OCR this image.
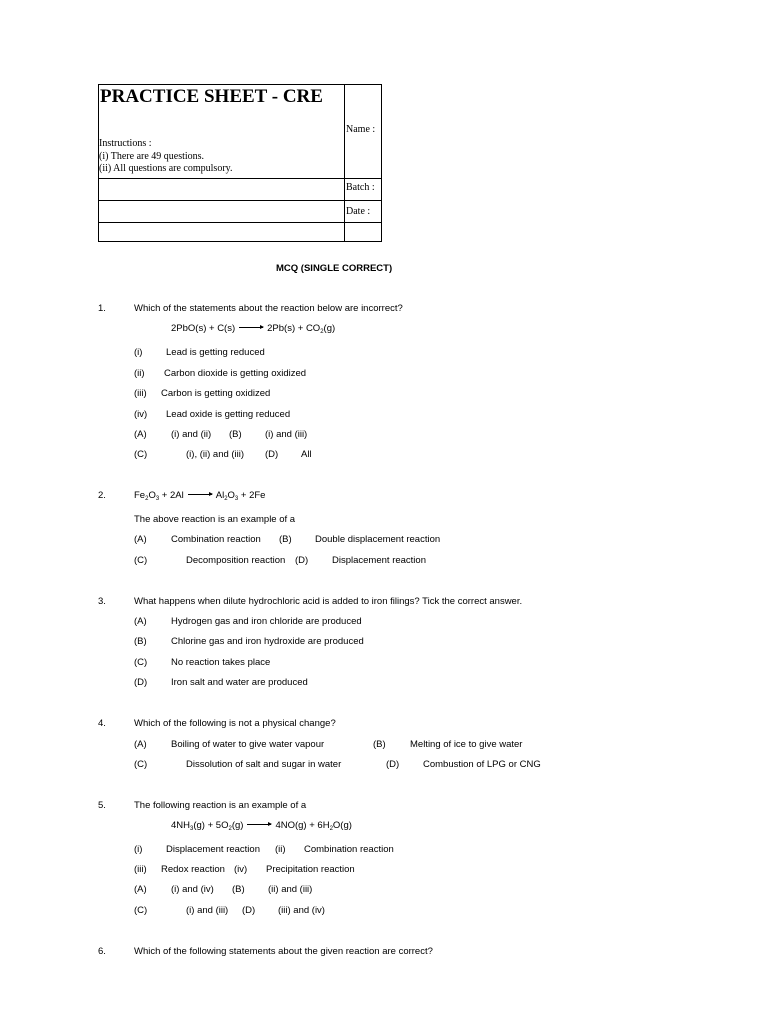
PRACTICE SHEET - CRE
Instructions :
(i) There are 49 questions.
(ii) All questions are compulsory.
Name :
Batch :
Date :
MCQ (SINGLE CORRECT)
1.	Which of the statements about the reaction below are incorrect?
$2PbO(s) + C(s) \to 2Pb(s) + CO_2(g)$
(i) Lead is getting reduced
(ii) Carbon dioxide is getting oxidized
(iii) Carbon is getting oxidized
(iv) Lead oxide is getting reduced
(A)	(i) and (ii) (B) (i) and (iii)
(C)	(i), (ii) and (iii) (D) All
2.	$Fe_2O_3 + 2Al \to Al_2O_3 + 2Fe$
The above reaction is an example of a
(A)	Combination reaction (B) Double displacement reaction
(C)	Decomposition reaction (D)	Displacement reaction
3.	What happens when dilute hydrochloric acid is added to iron filings? Tick the correct answer.
(A)	Hydrogen gas and iron chloride are produced
(B)	Chlorine gas and iron hydroxide are produced
(C)	No reaction takes place
(D)	Iron salt and water are produced
4.	Which of the following is not a physical change?
(A)	Boiling of water to give water vapour	(B)	Melting of ice to give water
(C)	Dissolution of salt and sugar in water	(D)	Combustion of LPG or CNG
5.	The following reaction is an example of a
$4NH_3(g) + 5O_2(g) \to 4NO(g) + 6H_2O(g)$
(i) Displacement reaction (ii) Combination reaction
(iii) Redox reaction (iv) Precipitation reaction
(A)	(i) and (iv) (B) (ii) and (iii)
(C)	(i) and (iii) (D) (iii) and (iv)
6.	Which of the following statements about the given reaction are correct?
